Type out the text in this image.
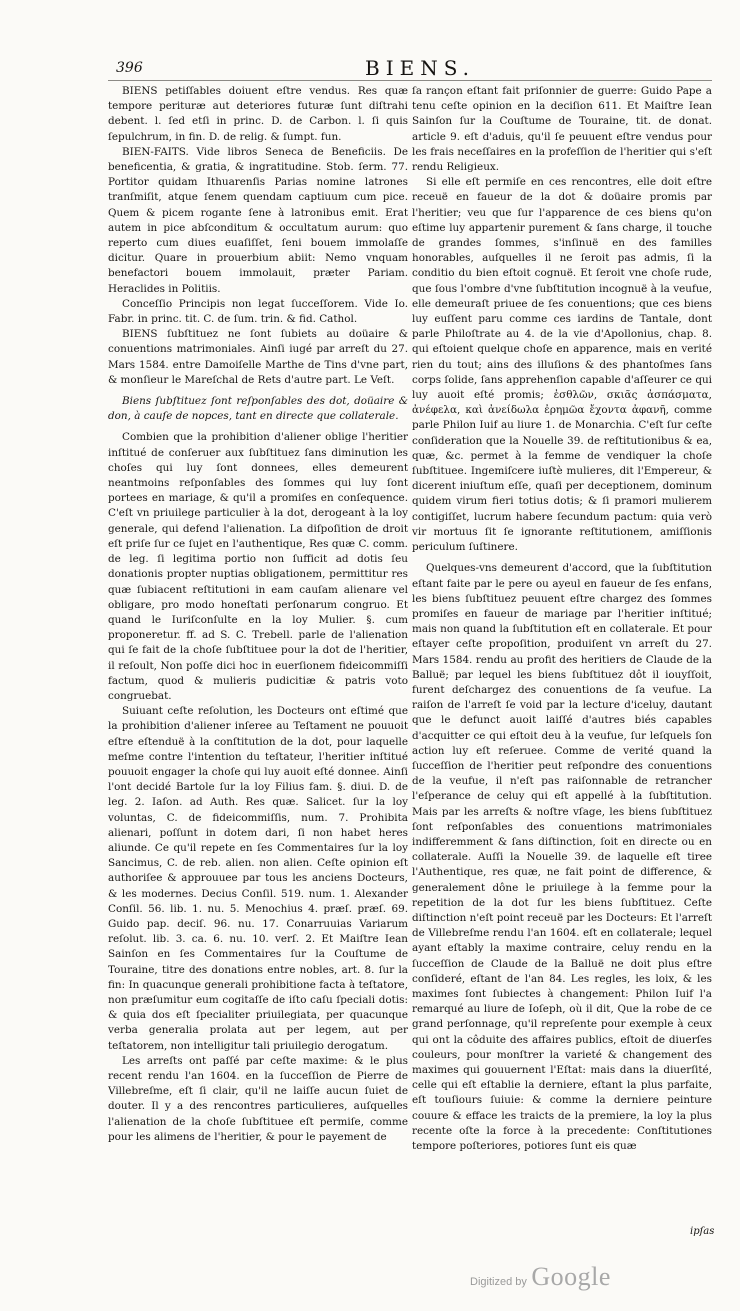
396	BIENS.

BIENS petiſſables doiuent eſtre vendus. Res quæ tempore perituræ aut deteriores futuræ ſunt diſtrahi debent. l. ſed etſi in princ. D. de Carbon. l. ſi quis ſepulchrum, in fin. D. de relig. & ſumpt. fun.

BIEN-FAITS. Vide libros Seneca de Beneficiis. De beneficentia, & gratia, & ingratitudine. Stob. ſerm. 77. Portitor quidam Ithuarenſis Parias nomine latrones tranſmiſit, atque ſenem quendam captiuum cum pice. Quem & picem rogante ſene à latronibus emit. Erat autem in pice abſconditum & occultatum aurum: quo reperto cum diues euaſiſſet, ſeni bouem immolaſſe dicitur. Quare in prouerbium abiit: Nemo vnquam benefactori bouem immolauit, præter Pariam. Heraclides in Politiis.

Conceſſio Principis non legat ſucceſſorem. Vide Io. Fabr. in princ. tit. C. de ſum. trin. & fid. Cathol.

BIENS ſubſtituez ne ſont ſubiets au doüaire & conuentions matrimoniales. Ainſi iugé par arreſt du 27. Mars 1584. entre Damoiſelle Marthe de Tins d'vne part, & monſieur le Mareſchal de Rets d'autre part. Le Veſt.

Biens ſubſtituez ſont reſponſables des dot, doüaire & don, à cauſe de nopces, tant en directe que collaterale.

Combien que la prohibition d'aliener oblige l'heritier inſtitué de conſeruer aux ſubſtituez ſans diminution les choſes qui luy ſont donnees, elles demeurent neantmoins reſponſables des ſommes qui luy ſont portees en mariage, & qu'il a promiſes en conſequence. C'eſt vn priuilege particulier à la dot, derogeant à la loy generale, qui defend l'alienation. La diſpoſition de droit eſt priſe ſur ce ſujet en l'authentique, Res quæ C. comm. de leg. ſi legitima portio non ſufficit ad dotis ſeu donationis propter nuptias obligationem, permittitur res quæ ſubiacent reſtitutioni in eam cauſam alienare vel obligare, pro modo honeſtati perſonarum congruo. Et quand le Iuriſconſulte en la loy Mulier. §. cum proponeretur. ff. ad S. C. Trebell. parle de l'alienation qui ſe fait de la choſe ſubſtituee pour la dot de l'heritier, il reſoult, Non poſſe dici hoc in euerſionem fideicommiſſi factum, quod & mulieris pudicitiæ & patris voto congruebat.

Suiuant ceſte reſolution, les Docteurs ont eſtimé que la prohibition d'aliener inſeree au Teſtament ne pouuoit eſtre eſtenduë à la conſtitution de la dot, pour laquelle meſme contre l'intention du teſtateur, l'heritier inſtitué pouuoit engager la choſe qui luy auoit eſté donnee. Ainſi l'ont decidé Bartole ſur la loy Filius fam. §. diui. D. de leg. 2. Iaſon. ad Auth. Res quæ. Salicet. ſur la loy voluntas, C. de fideicommiſſis, num. 7. Prohibita alienari, poſſunt in dotem dari, ſi non habet heres aliunde. Ce qu'il repete en ſes Commentaires ſur la loy Sancimus, C. de reb. alien. non alien. Ceſte opinion eſt authoriſee & approuuee par tous les anciens Docteurs, & les modernes. Decius Conſil. 519. num. 1. Alexander Conſil. 56. lib. 1. nu. 5. Menochius 4. præſ. præſ. 69. Guido pap. deciſ. 96. nu. 17. Conarruuias Variarum reſolut. lib. 3. ca. 6. nu. 10. verſ. 2. Et Maiſtre Iean Sainſon en ſes Commentaires ſur la Couſtume de Touraine, titre des donations entre nobles, art. 8. ſur la fin: In quacunque generali prohibitione facta à teſtatore, non præſumitur eum cogitaſſe de iſto caſu ſpeciali dotis: & quia dos eſt ſpecialiter priuilegiata, per quacunque verba generalia prolata aut per legem, aut per teſtatorem, non intelligitur tali priuilegio derogatum.

Les arreſts ont paſſé par ceſte maxime: & le plus recent rendu l'an 1604. en la ſucceſſion de Pierre de Villebreſme, eſt ſi clair, qu'il ne laiſſe aucun ſuiet de douter. Il y a des rencontres particulieres, auſquelles l'alienation de la choſe ſubſtituee eſt permiſe, comme pour les alimens de l'heritier, & pour le payement de

ſa rançon eſtant fait priſonnier de guerre: Guido Pape a tenu ceſte opinion en la deciſion 611. Et Maiſtre Iean Sainſon ſur la Couſtume de Touraine, tit. de donat. article 9. eſt d'aduis, qu'il ſe peuuent eſtre vendus pour les frais neceſſaires en la profeſſion de l'heritier qui s'eſt rendu Religieux.

Si elle eſt permiſe en ces rencontres, elle doit eſtre receuë en faueur de la dot & doüaire promis par l'heritier; veu que ſur l'apparence de ces biens qu'on eſtime luy appartenir purement & ſans charge, il touche de grandes ſommes, s'inſinuë en des familles honorables, auſquelles il ne ſeroit pas admis, ſi la conditio du bien eſtoit cognuë. Et ſeroit vne choſe rude, que ſous l'ombre d'vne ſubſtitution incognuë à la veufue, elle demeuraſt priuee de ſes conuentions; que ces biens luy euſſent paru comme ces iardins de Tantale, dont parle Philoſtrate au 4. de la vie d'Apollonius, chap. 8. qui eſtoient quelque choſe en apparence, mais en verité rien du tout; ains des illuſions & des phantoſmes ſans corps ſolide, ſans apprehenſion capable d'aſſeurer ce qui luy auoit eſté promis; ἐσθλῶν, σκιᾶς ἀσπάσματα, ἀνέφελα, καὶ ἀνείδωλα ἐρημῶα ἔχοντα ἀφανῆ, comme parle Philon Iuif au liure 1. de Monarchia. C'eſt ſur ceſte conſideration que la Nouelle 39. de reſtitutionibus & ea, quæ, &c. permet à la femme de vendiquer la choſe ſubſtituee. Ingemiſcere iuſtè mulieres, dit l'Empereur, & dicerent iniuſtum eſſe, quaſi per deceptionem, dominum quidem virum fieri totius dotis; & ſi pramori mulierem contigiſſet, lucrum habere ſecundum pactum: quia verò vir mortuus ſit ſe ignorante reſtitutionem, amiſſionis periculum ſuſtinere.

Quelques-vns demeurent d'accord, que la ſubſtitution eſtant faite par le pere ou ayeul en faueur de ſes enfans, les biens ſubſtituez peuuent eſtre chargez des ſommes promiſes en faueur de mariage par l'heritier inſtitué; mais non quand la ſubſtitution eſt en collaterale. Et pour eſtayer ceſte propoſition, produiſent vn arreſt du 27. Mars 1584. rendu au profit des heritiers de Claude de la Balluë; par lequel les biens ſubſtituez dôt il iouyſſoit, furent deſchargez des conuentions de ſa veufue. La raiſon de l'arreſt ſe void par la lecture d'iceluy, dautant que le defunct auoit laiſſé d'autres biés capables d'acquitter ce qui eſtoit deu à la veufue, ſur leſquels ſon action luy eſt reſeruee. Comme de verité quand la ſucceſſion de l'heritier peut reſpondre des conuentions de la veufue, il n'eſt pas raiſonnable de retrancher l'eſperance de celuy qui eſt appellé à la ſubſtitution. Mais par les arreſts & noſtre vſage, les biens ſubſtituez ſont reſponſables des conuentions matrimoniales indifferemment & ſans diſtinction, ſoit en directe ou en collaterale. Auſſi la Nouelle 39. de laquelle eſt tiree l'Authentique, res quæ, ne fait point de difference, & generalement dône le priuilege à la femme pour la repetition de la dot ſur les biens ſubſtituez. Ceſte diſtinction n'eſt point receuë par les Docteurs: Et l'arreſt de Villebreſme rendu l'an 1604. eſt en collaterale; lequel ayant eſtably la maxime contraire, celuy rendu en la ſucceſſion de Claude de la Balluë ne doit plus eſtre conſideré, eſtant de l'an 84. Les regles, les loix, & les maximes ſont ſubiectes à changement: Philon Iuif l'a remarqué au liure de Ioſeph, où il dit, Que la robe de ce grand perſonnage, qu'il repreſente pour exemple à ceux qui ont la côduite des affaires publics, eſtoit de diuerſes couleurs, pour monſtrer la varieté & changement des maximes qui gouuernent l'Eſtat: mais dans la diuerſité, celle qui eſt eſtablie la derniere, eſtant la plus parfaite, eſt touſiours ſuiuie: & comme la derniere peinture couure & efface les traicts de la premiere, la loy la plus recente oſte la force à la precedente: Conſtitutiones tempore poſteriores, potiores ſunt eis quæ

ipſas
Digitized by Google
